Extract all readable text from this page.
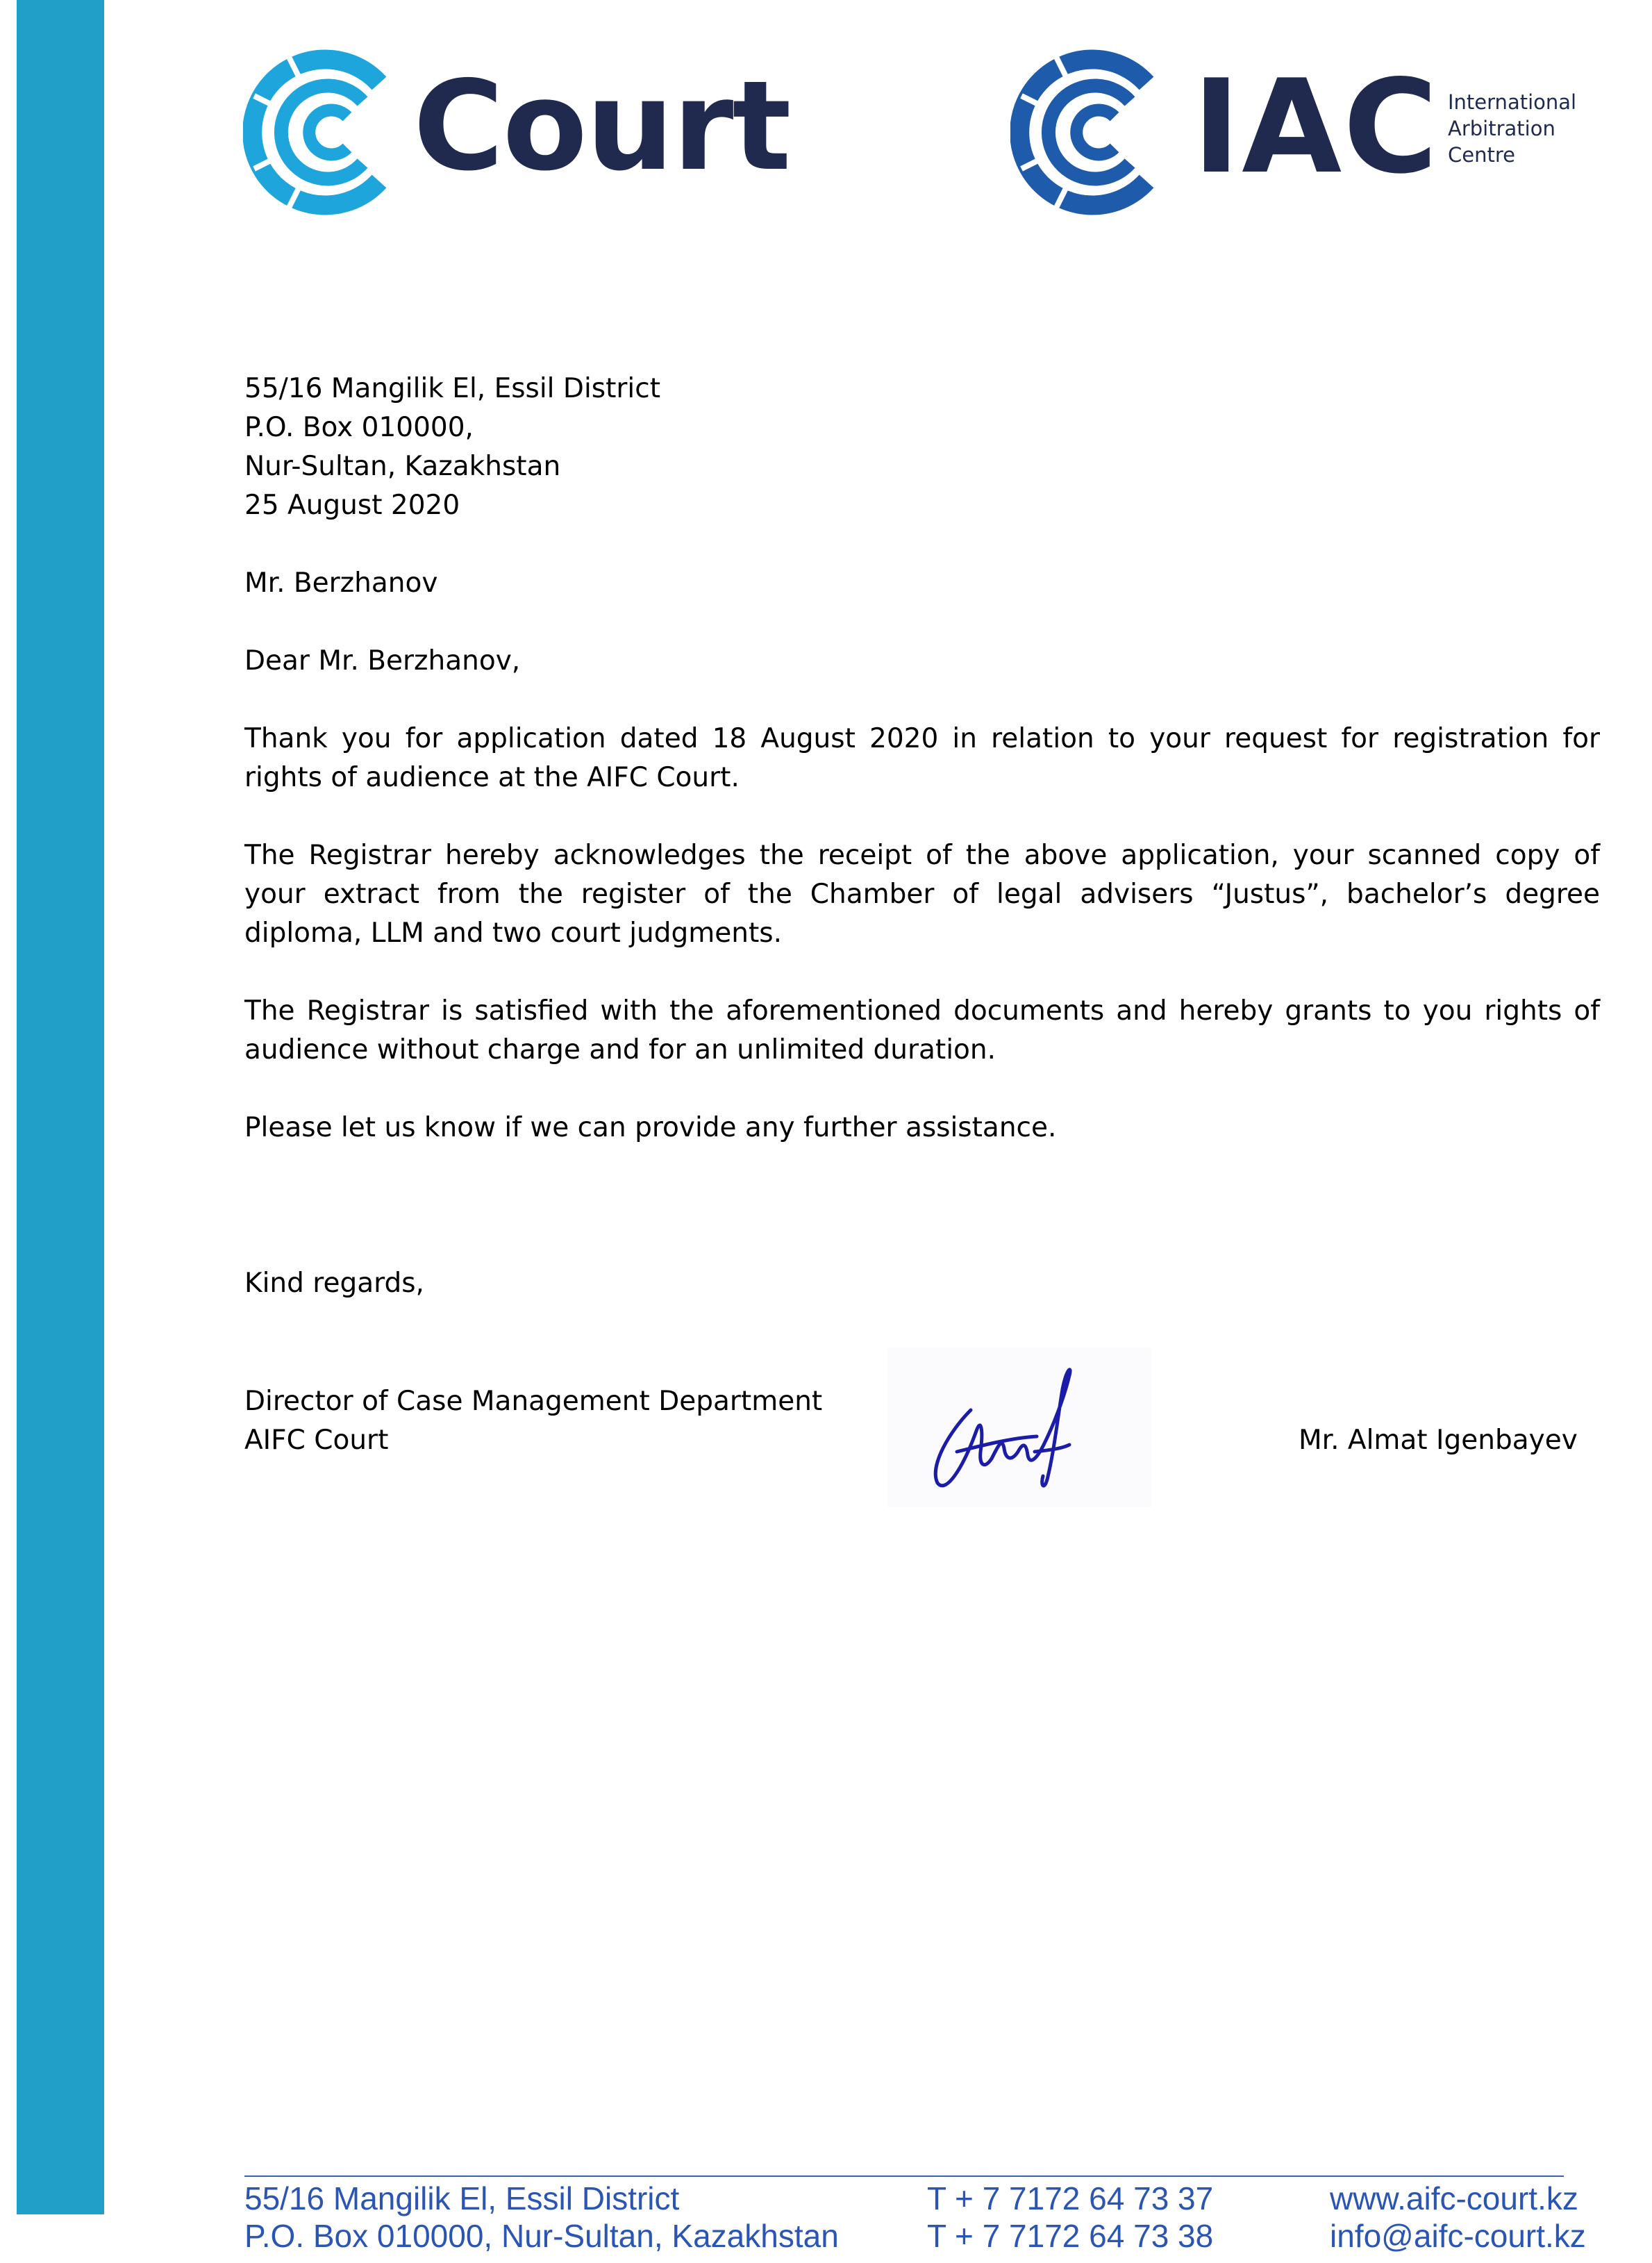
Court	IAC International
Arbitration
Centre

55/16 Mangilik El, Essil District

P.O. Box 010000,

Nur-Sultan, Kazakhstan

25 August 2020

Mr. Berzhanov

Dear Mr. Berzhanov,

Thank you for application dated 18 August 2020 in relation to your request for registration for rights of audience at the AIFC Court.

The Registrar hereby acknowledges the receipt of the above application, your scanned copy of your extract from the register of the Chamber of legal advisers “Justus”, bachelor’s degree diploma, LLM and two court judgments.

The Registrar is satisfied with the aforementioned documents and hereby grants to you rights of audience without charge and for an unlimited duration.

Please let us know if we can provide any further assistance.

Kind regards,

Director of Case Management Department
AIFC Court	Mr. Almat Igenbayev
55/16 Mangilik El, Essil District
P.O. Box 010000, Nur-Sultan, Kazakhstan
T + 7 7172 64 73 37
T + 7 7172 64 73 38
www.aifc-court.kz
info@aifc-court.kz
